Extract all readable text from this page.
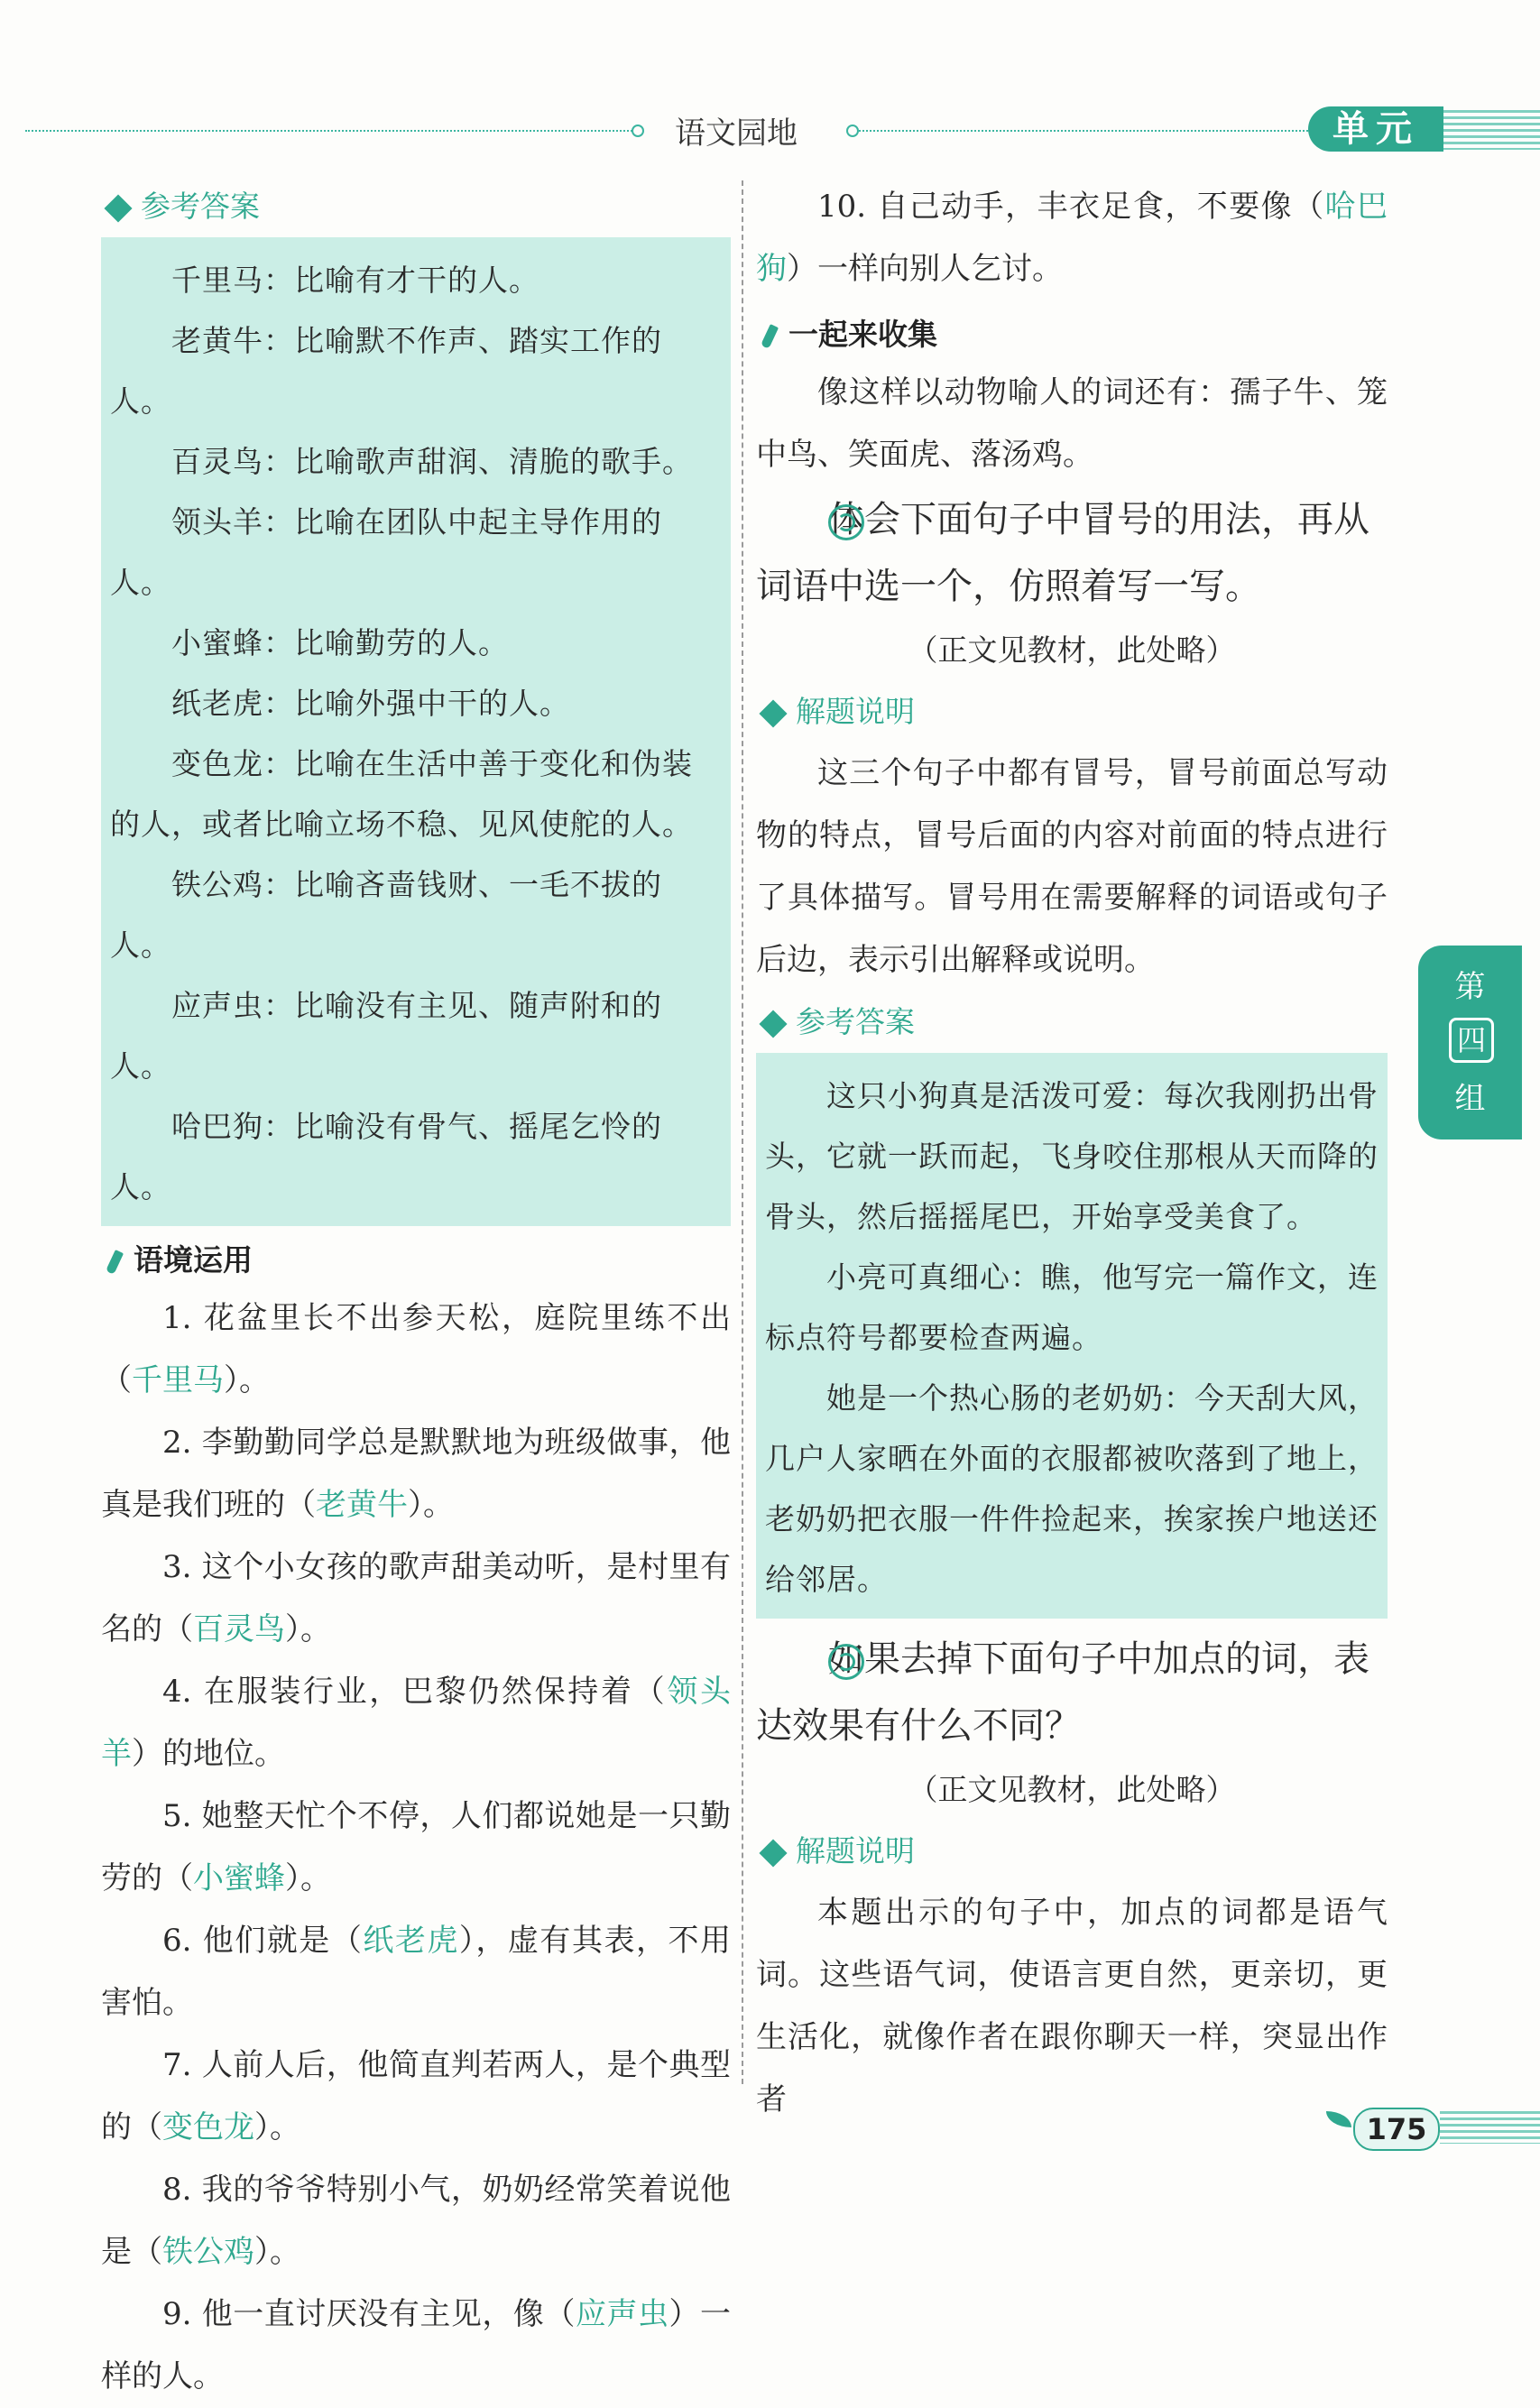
语文园地	单元
参考答案

千里马：比喻有才干的人。

老黄牛：比喻默不作声、踏实工作的人。

百灵鸟：比喻歌声甜润、清脆的歌手。

领头羊：比喻在团队中起主导作用的人。

小蜜蜂：比喻勤劳的人。

纸老虎：比喻外强中干的人。

变色龙：比喻在生活中善于变化和伪装的人，或者比喻立场不稳、见风使舵的人。

铁公鸡：比喻吝啬钱财、一毛不拔的人。

应声虫：比喻没有主见、随声附和的人。

哈巴狗：比喻没有骨气、摇尾乞怜的人。

语境运用

1. 花盆里长不出参天松，庭院里练不出（千里马）。

2. 李勤勤同学总是默默地为班级做事，他真是我们班的（老黄牛）。

3. 这个小女孩的歌声甜美动听，是村里有名的（百灵鸟）。

4. 在服装行业，巴黎仍然保持着（领头羊）的地位。

5. 她整天忙个不停，人们都说她是一只勤劳的（小蜜蜂）。

6. 他们就是（纸老虎），虚有其表，不用害怕。

7. 人前人后，他简直判若两人，是个典型的（变色龙）。

8. 我的爷爷特别小气，奶奶经常笑着说他是（铁公鸡）。

9. 他一直讨厌没有主见，像（应声虫）一样的人。

10. 自己动手，丰衣足食，不要像（哈巴狗）一样向别人乞讨。

一起来收集

像这样以动物喻人的词还有：孺子牛、笼中鸟、笑面虎、落汤鸡。

体会下面句子中冒号的用法，再从词语中选一个，仿照着写一写。

（正文见教材，此处略）

解题说明

这三个句子中都有冒号，冒号前面总写动物的特点，冒号后面的内容对前面的特点进行了具体描写。冒号用在需要解释的词语或句子后边，表示引出解释或说明。

参考答案

这只小狗真是活泼可爱：每次我刚扔出骨头，它就一跃而起，飞身咬住那根从天而降的骨头，然后摇摇尾巴，开始享受美食了。

小亮可真细心：瞧，他写完一篇作文，连标点符号都要检查两遍。

她是一个热心肠的老奶奶：今天刮大风，几户人家晒在外面的衣服都被吹落到了地上，老奶奶把衣服一件件捡起来，挨家挨户地送还给邻居。

如果去掉下面句子中加点的词，表达效果有什么不同？

（正文见教材，此处略）

解题说明

本题出示的句子中，加点的词都是语气词。这些语气词，使语言更自然，更亲切，更生活化，就像作者在跟你聊天一样，突显出作者

第
四
组
175
